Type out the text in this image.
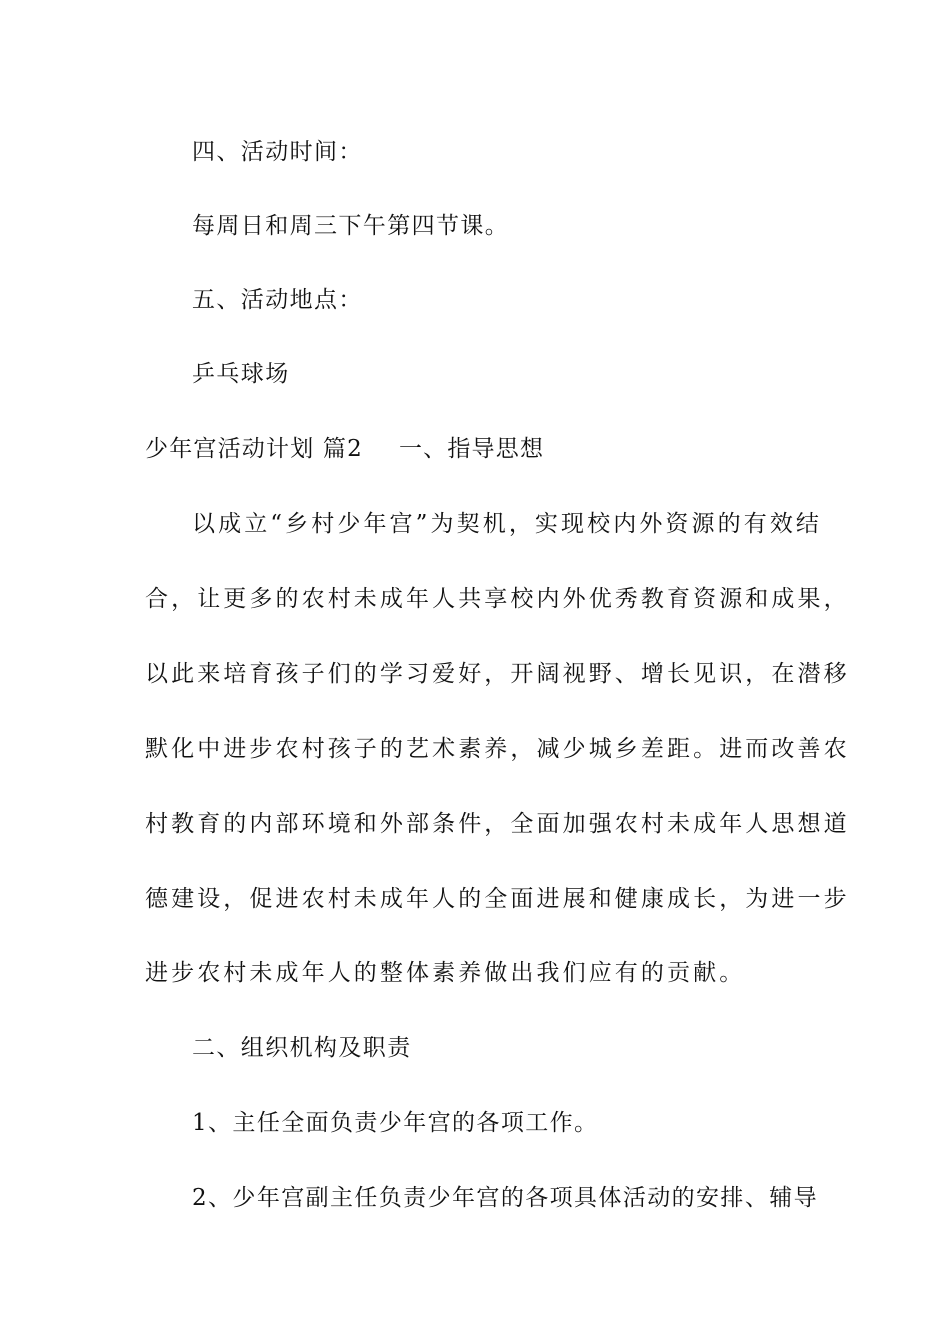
四、活动时间：
每周日和周三下午第四节课。
五、活动地点：
乒乓球场
少年宫活动计划 篇2 一、指导思想
以成立“乡村少年宫”为契机，实现校内外资源的有效结
合，让更多的农村未成年人共享校内外优秀教育资源和成果，
以此来培育孩子们的学习爱好，开阔视野、增长见识，在潜移
默化中进步农村孩子的艺术素养，减少城乡差距。进而改善农
村教育的内部环境和外部条件，全面加强农村未成年人思想道
德建设，促进农村未成年人的全面进展和健康成长，为进一步
进步农村未成年人的整体素养做出我们应有的贡献。
二、组织机构及职责
1、主任全面负责少年宫的各项工作。
2、少年宫副主任负责少年宫的各项具体活动的安排、辅导
